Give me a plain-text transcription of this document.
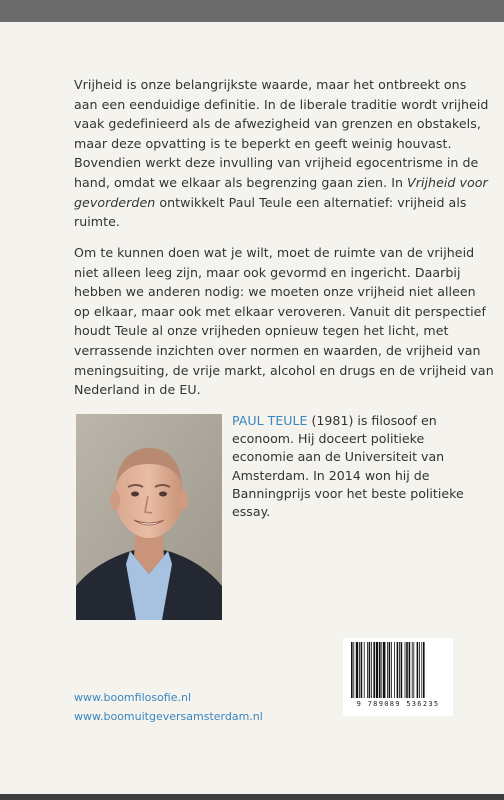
Vrijheid is onze belangrijkste waarde, maar het ontbreekt ons
aan een eenduidige definitie. In de liberale traditie wordt vrijheid
vaak gedefinieerd als de afwezigheid van grenzen en obstakels,
maar deze opvatting is te beperkt en geeft weinig houvast.
Bovendien werkt deze invulling van vrijheid egocentrisme in de
hand, omdat we elkaar als begrenzing gaan zien. In Vrijheid voor
gevorderden ontwikkelt Paul Teule een alternatief: vrijheid als
ruimte.
Om te kunnen doen wat je wilt, moet de ruimte van de vrijheid
niet alleen leeg zijn, maar ook gevormd en ingericht. Daarbij
hebben we anderen nodig: we moeten onze vrijheid niet alleen
op elkaar, maar ook met elkaar veroveren. Vanuit dit perspectief
houdt Teule al onze vrijheden opnieuw tegen het licht, met
verrassende inzichten over normen en waarden, de vrijheid van
meningsuiting, de vrije markt, alcohol en drugs en de vrijheid van
Nederland in de EU.
PAUL TEULE (1981) is filosoof en
econoom. Hij doceert politieke
economie aan de Universiteit van
Amsterdam. In 2014 won hij de
Banningprijs voor het beste politieke
essay.
www.boomfilosofie.nl
www.boomuitgeversamsterdam.nl
9 789089 536235
